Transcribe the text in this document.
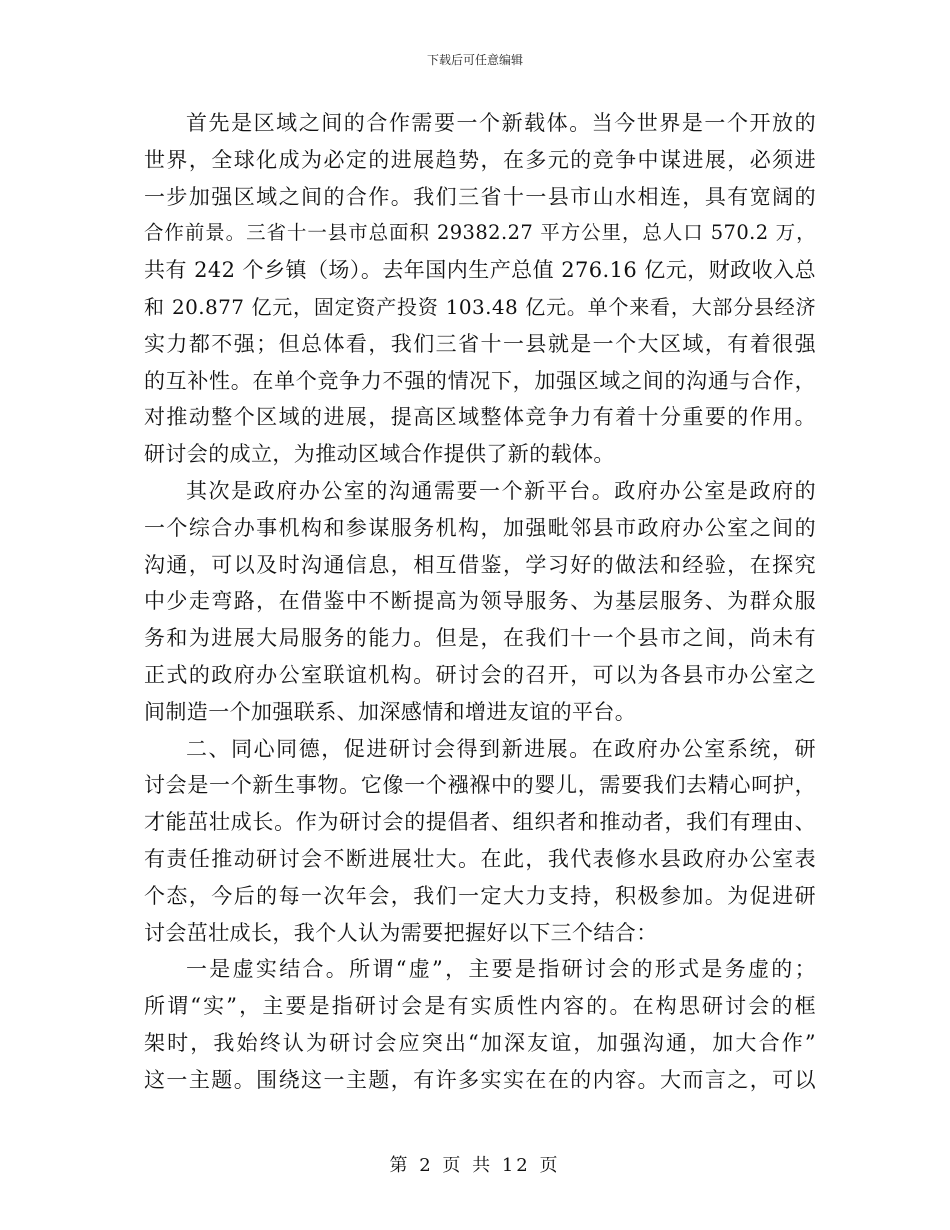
下载后可任意编辑
首先是区域之间的合作需要一个新载体。当今世界是一个开放的
世界，全球化成为必定的进展趋势，在多元的竞争中谋进展，必须进
一步加强区域之间的合作。我们三省十一县市山水相连，具有宽阔的
合作前景。三省十一县市总面积 29382.27 平方公里，总人口 570.2 万，
共有 242 个乡镇（场）。去年国内生产总值 276.16 亿元，财政收入总
和 20.877 亿元，固定资产投资 103.48 亿元。单个来看，大部分县经济
实力都不强；但总体看，我们三省十一县就是一个大区域，有着很强
的互补性。在单个竞争力不强的情况下，加强区域之间的沟通与合作，
对推动整个区域的进展，提高区域整体竞争力有着十分重要的作用。
研讨会的成立，为推动区域合作提供了新的载体。
其次是政府办公室的沟通需要一个新平台。政府办公室是政府的
一个综合办事机构和参谋服务机构，加强毗邻县市政府办公室之间的
沟通，可以及时沟通信息，相互借鉴，学习好的做法和经验，在探究
中少走弯路，在借鉴中不断提高为领导服务、为基层服务、为群众服
务和为进展大局服务的能力。但是，在我们十一个县市之间，尚未有
正式的政府办公室联谊机构。研讨会的召开，可以为各县市办公室之
间制造一个加强联系、加深感情和增进友谊的平台。
二、同心同德，促进研讨会得到新进展。在政府办公室系统，研
讨会是一个新生事物。它像一个襁褓中的婴儿，需要我们去精心呵护，
才能茁壮成长。作为研讨会的提倡者、组织者和推动者，我们有理由、
有责任推动研讨会不断进展壮大。在此，我代表修水县政府办公室表
个态，今后的每一次年会，我们一定大力支持，积极参加。为促进研
讨会茁壮成长，我个人认为需要把握好以下三个结合：
一是虚实结合。所谓“虚”，主要是指研讨会的形式是务虚的；
所谓“实”，主要是指研讨会是有实质性内容的。在构思研讨会的框
架时，我始终认为研讨会应突出“加深友谊，加强沟通，加大合作”
这一主题。围绕这一主题，有许多实实在在的内容。大而言之，可以
第 2 页 共 12 页
